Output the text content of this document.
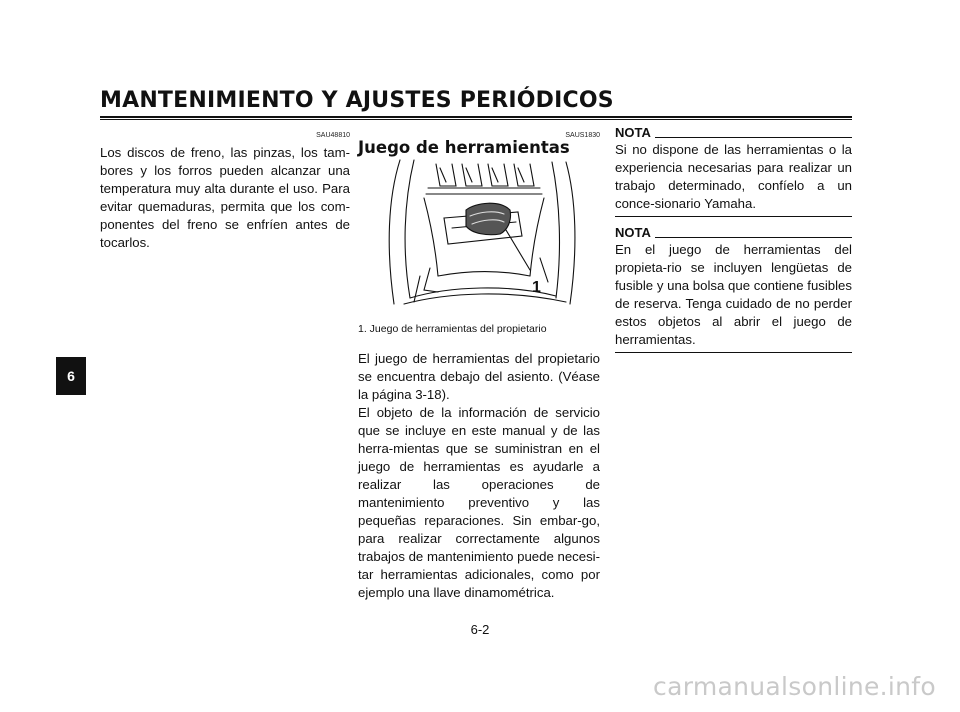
MANTENIMIENTO Y AJUSTES PERIÓDICOS
6
SAU48810
Los discos de freno, las pinzas, los tam-bores y los forros pueden alcanzar una temperatura muy alta durante el uso. Para evitar quemaduras, permita que los com-ponentes del freno se enfríen antes de tocarlos.
SAUS1830
Juego de herramientas
1
1. Juego de herramientas del propietario
El juego de herramientas del propietario se encuentra debajo del asiento. (Véase la página 3-18).
El objeto de la información de servicio que se incluye en este manual y de las herra-mientas que se suministran en el juego de herramientas es ayudarle a realizar las operaciones de mantenimiento preventivo y las pequeñas reparaciones. Sin embar-go, para realizar correctamente algunos trabajos de mantenimiento puede necesi-tar herramientas adicionales, como por ejemplo una llave dinamométrica.
NOTA
Si no dispone de las herramientas o la experiencia necesarias para realizar un trabajo determinado, confíelo a un conce-sionario Yamaha.
NOTA
En el juego de herramientas del propieta-rio se incluyen lengüetas de fusible y una bolsa que contiene fusibles de reserva. Tenga cuidado de no perder estos objetos al abrir el juego de herramientas.
6-2
carmanualsonline.info
